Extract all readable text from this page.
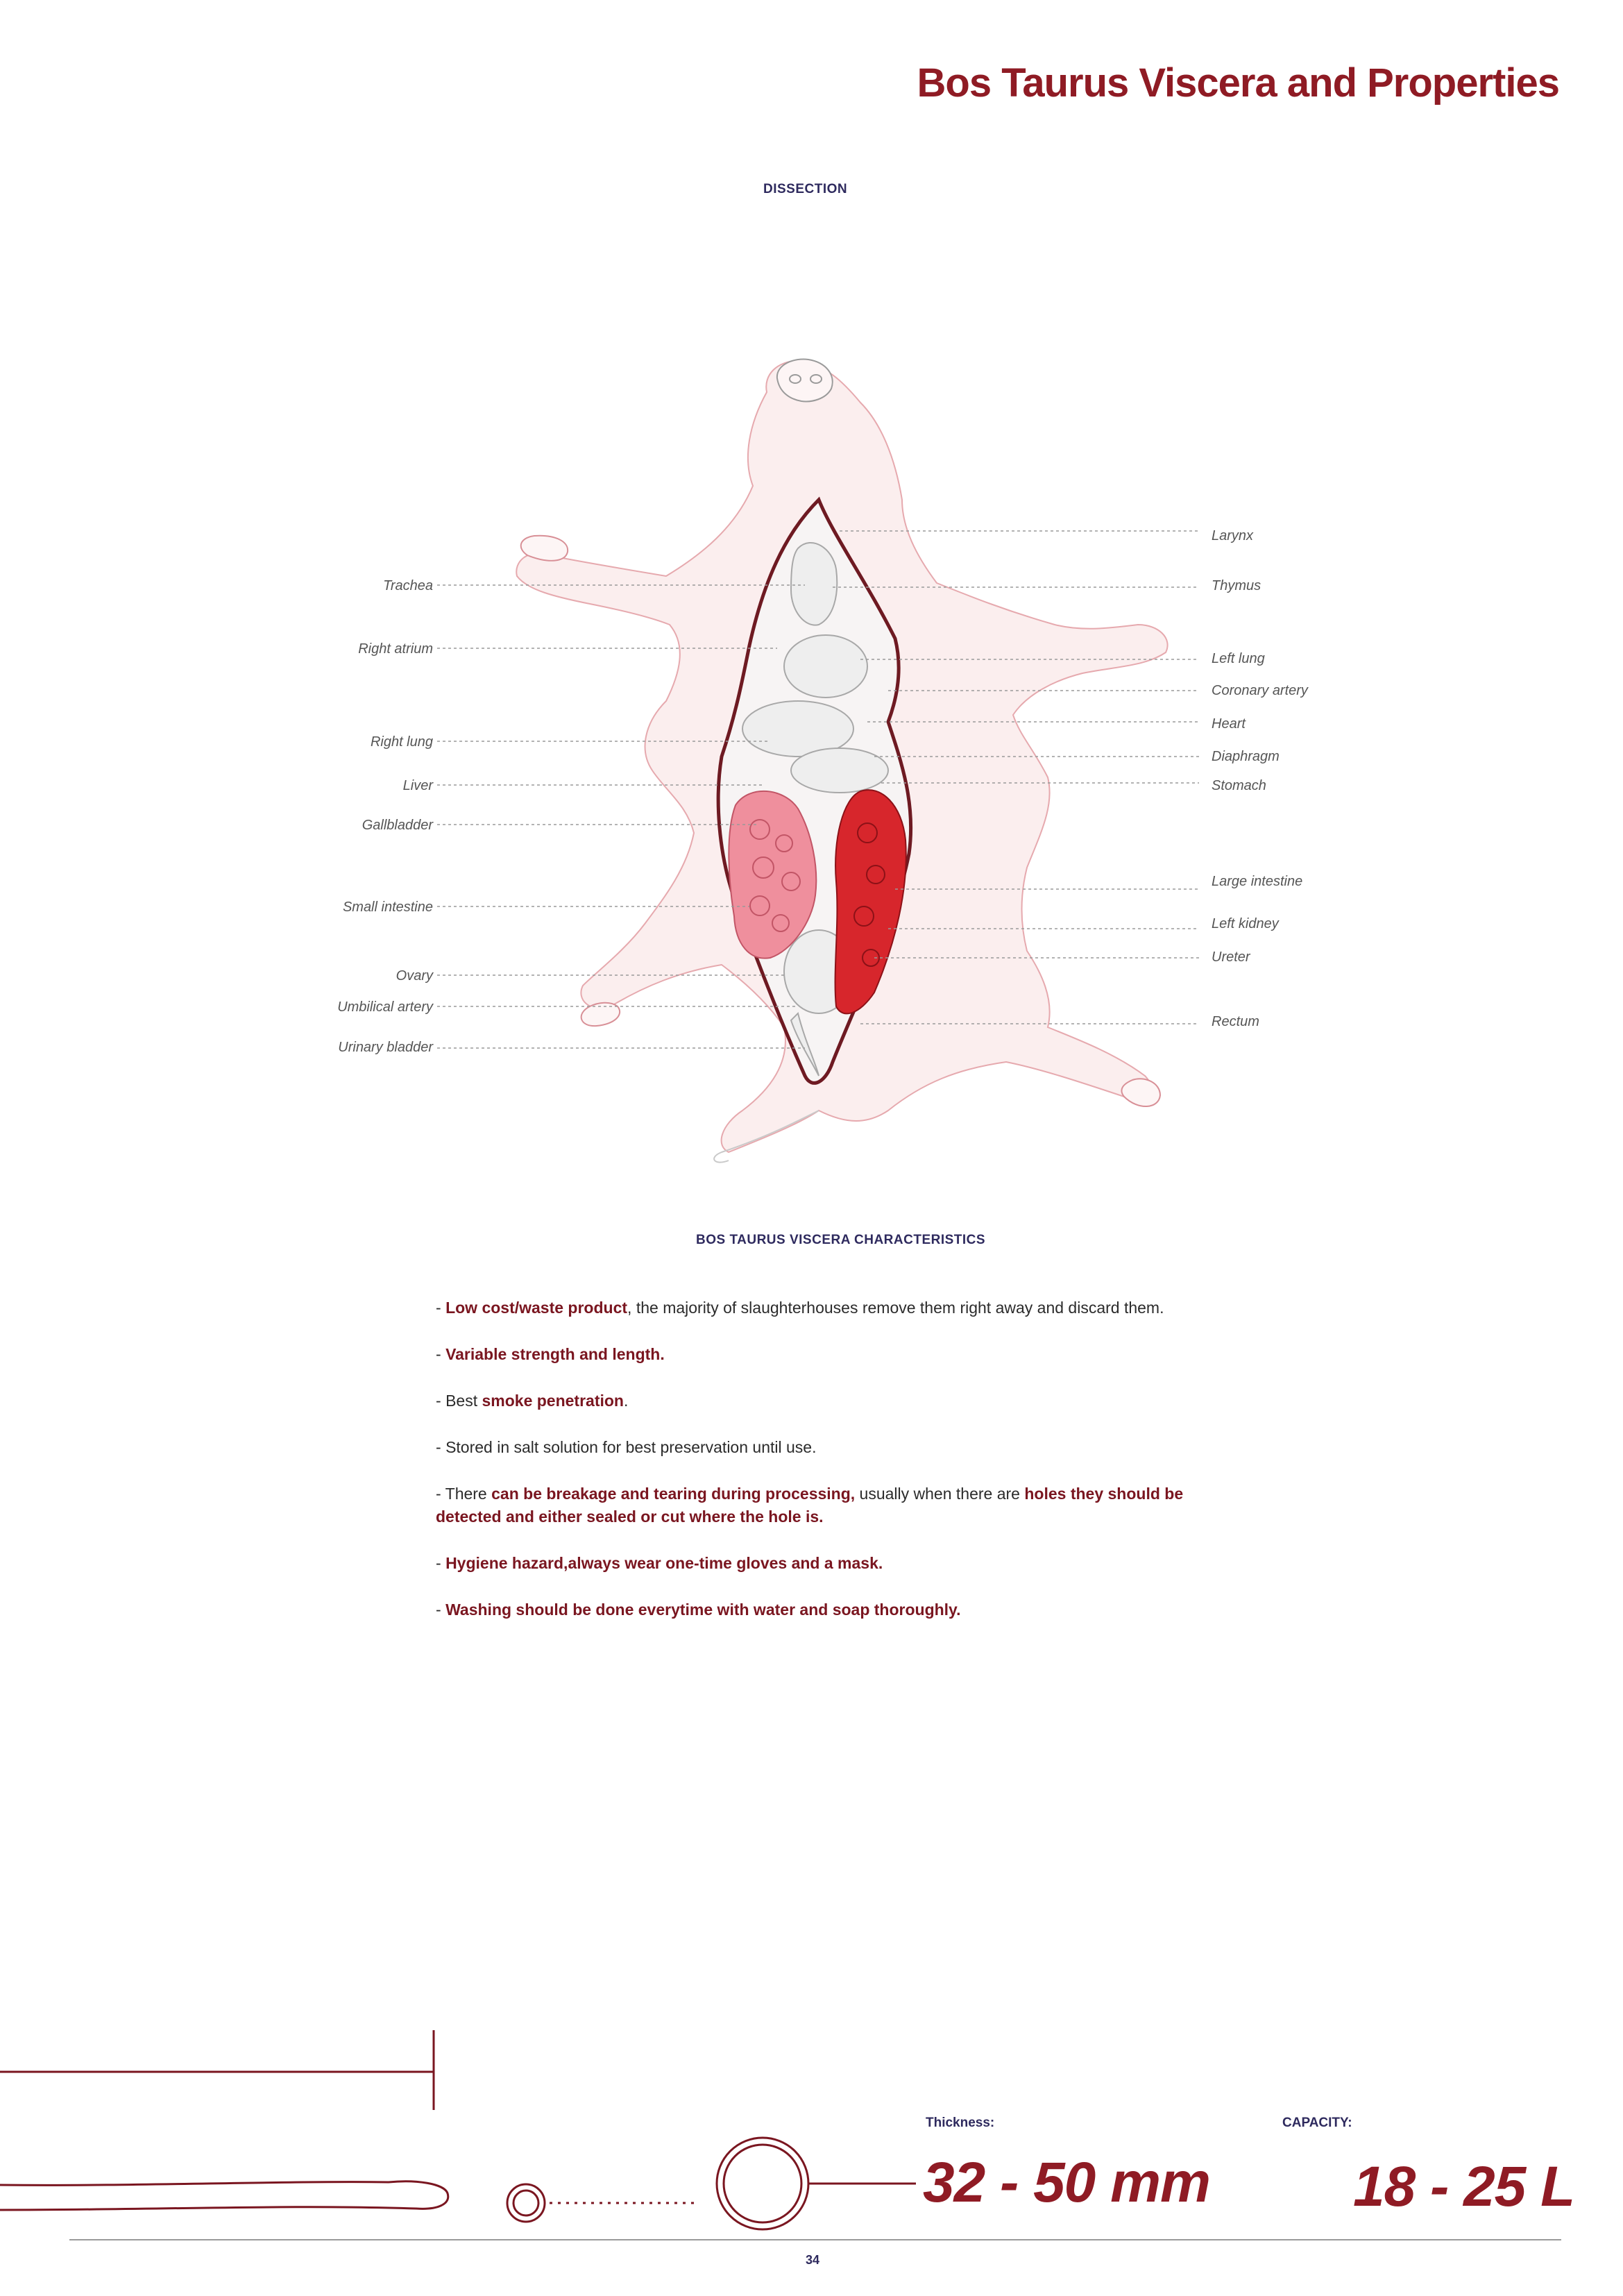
Bos Taurus Viscera and Properties
DISSECTION
Trachea
Right atrium
Right lung
Liver
Gallbladder
Small intestine
Ovary
Umbilical artery
Urinary bladder
Larynx
Thymus
Left lung
Coronary artery
Heart
Diaphragm
Stomach
Large intestine
Left kidney
Ureter
Rectum
BOS TAURUS VISCERA CHARACTERISTICS
- Low cost/waste product, the majority of slaughterhouses remove them right away and discard them.
- Variable strength and length.
- Best smoke penetration.
- Stored in salt solution for best preservation until use.
- There can be breakage and tearing during processing, usually when there are holes they should be detected and either sealed or cut where the hole is.
- Hygiene hazard,always wear one-time gloves and a mask.
- Washing should be done everytime with water and soap thoroughly.
Thickness:
32 - 50 mm
CAPACITY:
18 - 25 L
34
